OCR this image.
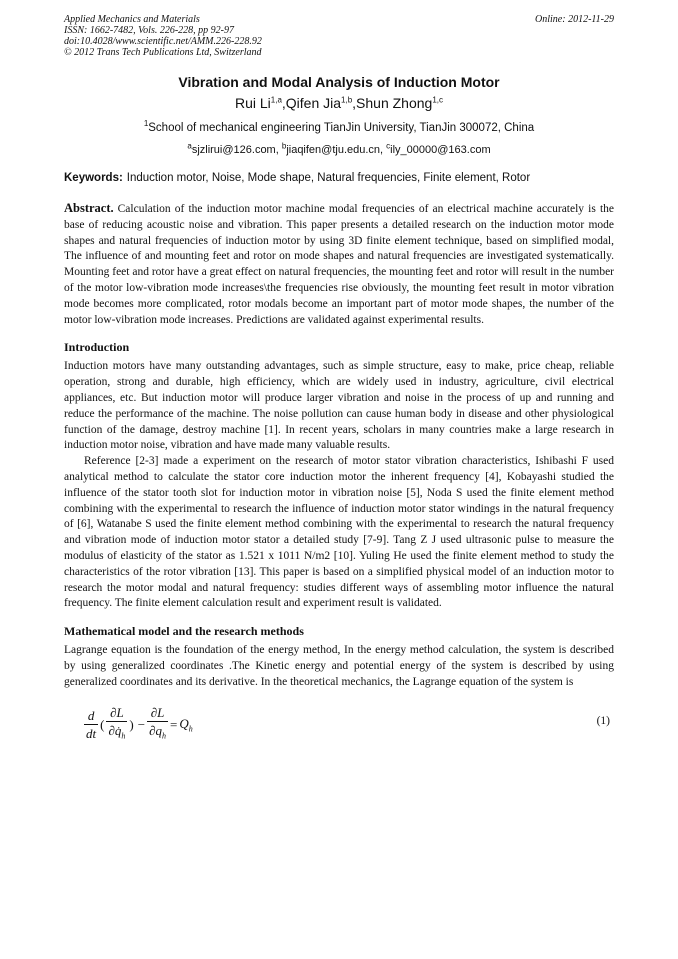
Applied Mechanics and Materials
ISSN: 1662-7482, Vols. 226-228, pp 92-97
doi:10.4028/www.scientific.net/AMM.226-228.92
© 2012 Trans Tech Publications Ltd, Switzerland
Online: 2012-11-29
Vibration and Modal Analysis of Induction Motor
Rui Li$^{1,a}$,Qifen Jia$^{1,b}$,Shun Zhong$^{1,c}$
$^1$School of mechanical engineering TianJin University, TianJin 300072, China
$^a$sjzlirui@126.com, $^b$jiaqifen@tju.edu.cn, $^c$ily_00000@163.com
Keywords: Induction motor, Noise, Mode shape, Natural frequencies, Finite element, Rotor
Abstract. Calculation of the induction motor machine modal frequencies of an electrical machine accurately is the base of reducing acoustic noise and vibration. This paper presents a detailed research on the induction motor mode shapes and natural frequencies of induction motor by using 3D finite element technique, based on simplified modal, The influence of and mounting feet and rotor on mode shapes and natural frequencies are investigated systematically. Mounting feet and rotor have a great effect on natural frequencies, the mounting feet and rotor will result in the number of the motor low-vibration mode increases\the frequencies rise obviously, the mounting feet result in motor vibration mode becomes more complicated, rotor modals become an important part of motor mode shapes, the number of the motor low-vibration mode increases. Predictions are validated against experimental results.
Introduction

Induction motors have many outstanding advantages, such as simple structure, easy to make, price cheap, reliable operation, strong and durable, high efficiency, which are widely used in industry, agriculture, civil electrical appliances, etc. But induction motor will produce larger vibration and noise in the process of up and running and reduce the performance of the machine. The noise pollution can cause human body in disease and other physiological function of the damage, destroy machine [1]. In recent years, scholars in many countries make a large research in induction motor noise, vibration and have made many valuable results.

Reference [2-3] made a experiment on the research of motor stator vibration characteristics, Ishibashi F used analytical method to calculate the stator core induction motor the inherent frequency [4], Kobayashi studied the influence of the stator tooth slot for induction motor in vibration noise [5], Noda S used the finite element method combining with the experimental to research the influence of induction motor stator windings in the natural frequency of [6], Watanabe S used the finite element method combining with the experimental to research the natural frequency and vibration mode of induction motor stator a detailed study [7-9]. Tang Z J used ultrasonic pulse to measure the modulus of elasticity of the stator as 1.521 x 1011 N/m2 [10]. Yuling He used the finite element method to study the characteristics of the rotor vibration [13]. This paper is based on a simplified physical model of an induction motor to research the motor modal and natural frequency: studies different ways of assembling motor influence the natural frequency. The finite element calculation result and experiment result is validated.

Mathematical model and the research methods

Lagrange equation is the foundation of the energy method, In the energy method calculation, the system is described by using generalized coordinates .The Kinetic energy and potential energy of the system is described by using generalized coordinates and its derivative. In the theoretical mechanics, the Lagrange equation of the system is

$\frac{d}{dt}$ ( $\frac{\partial L}{\partial q̇_h}$ ) − $\frac{\partial L}{\partial q_h} = Q_h$
(1)
